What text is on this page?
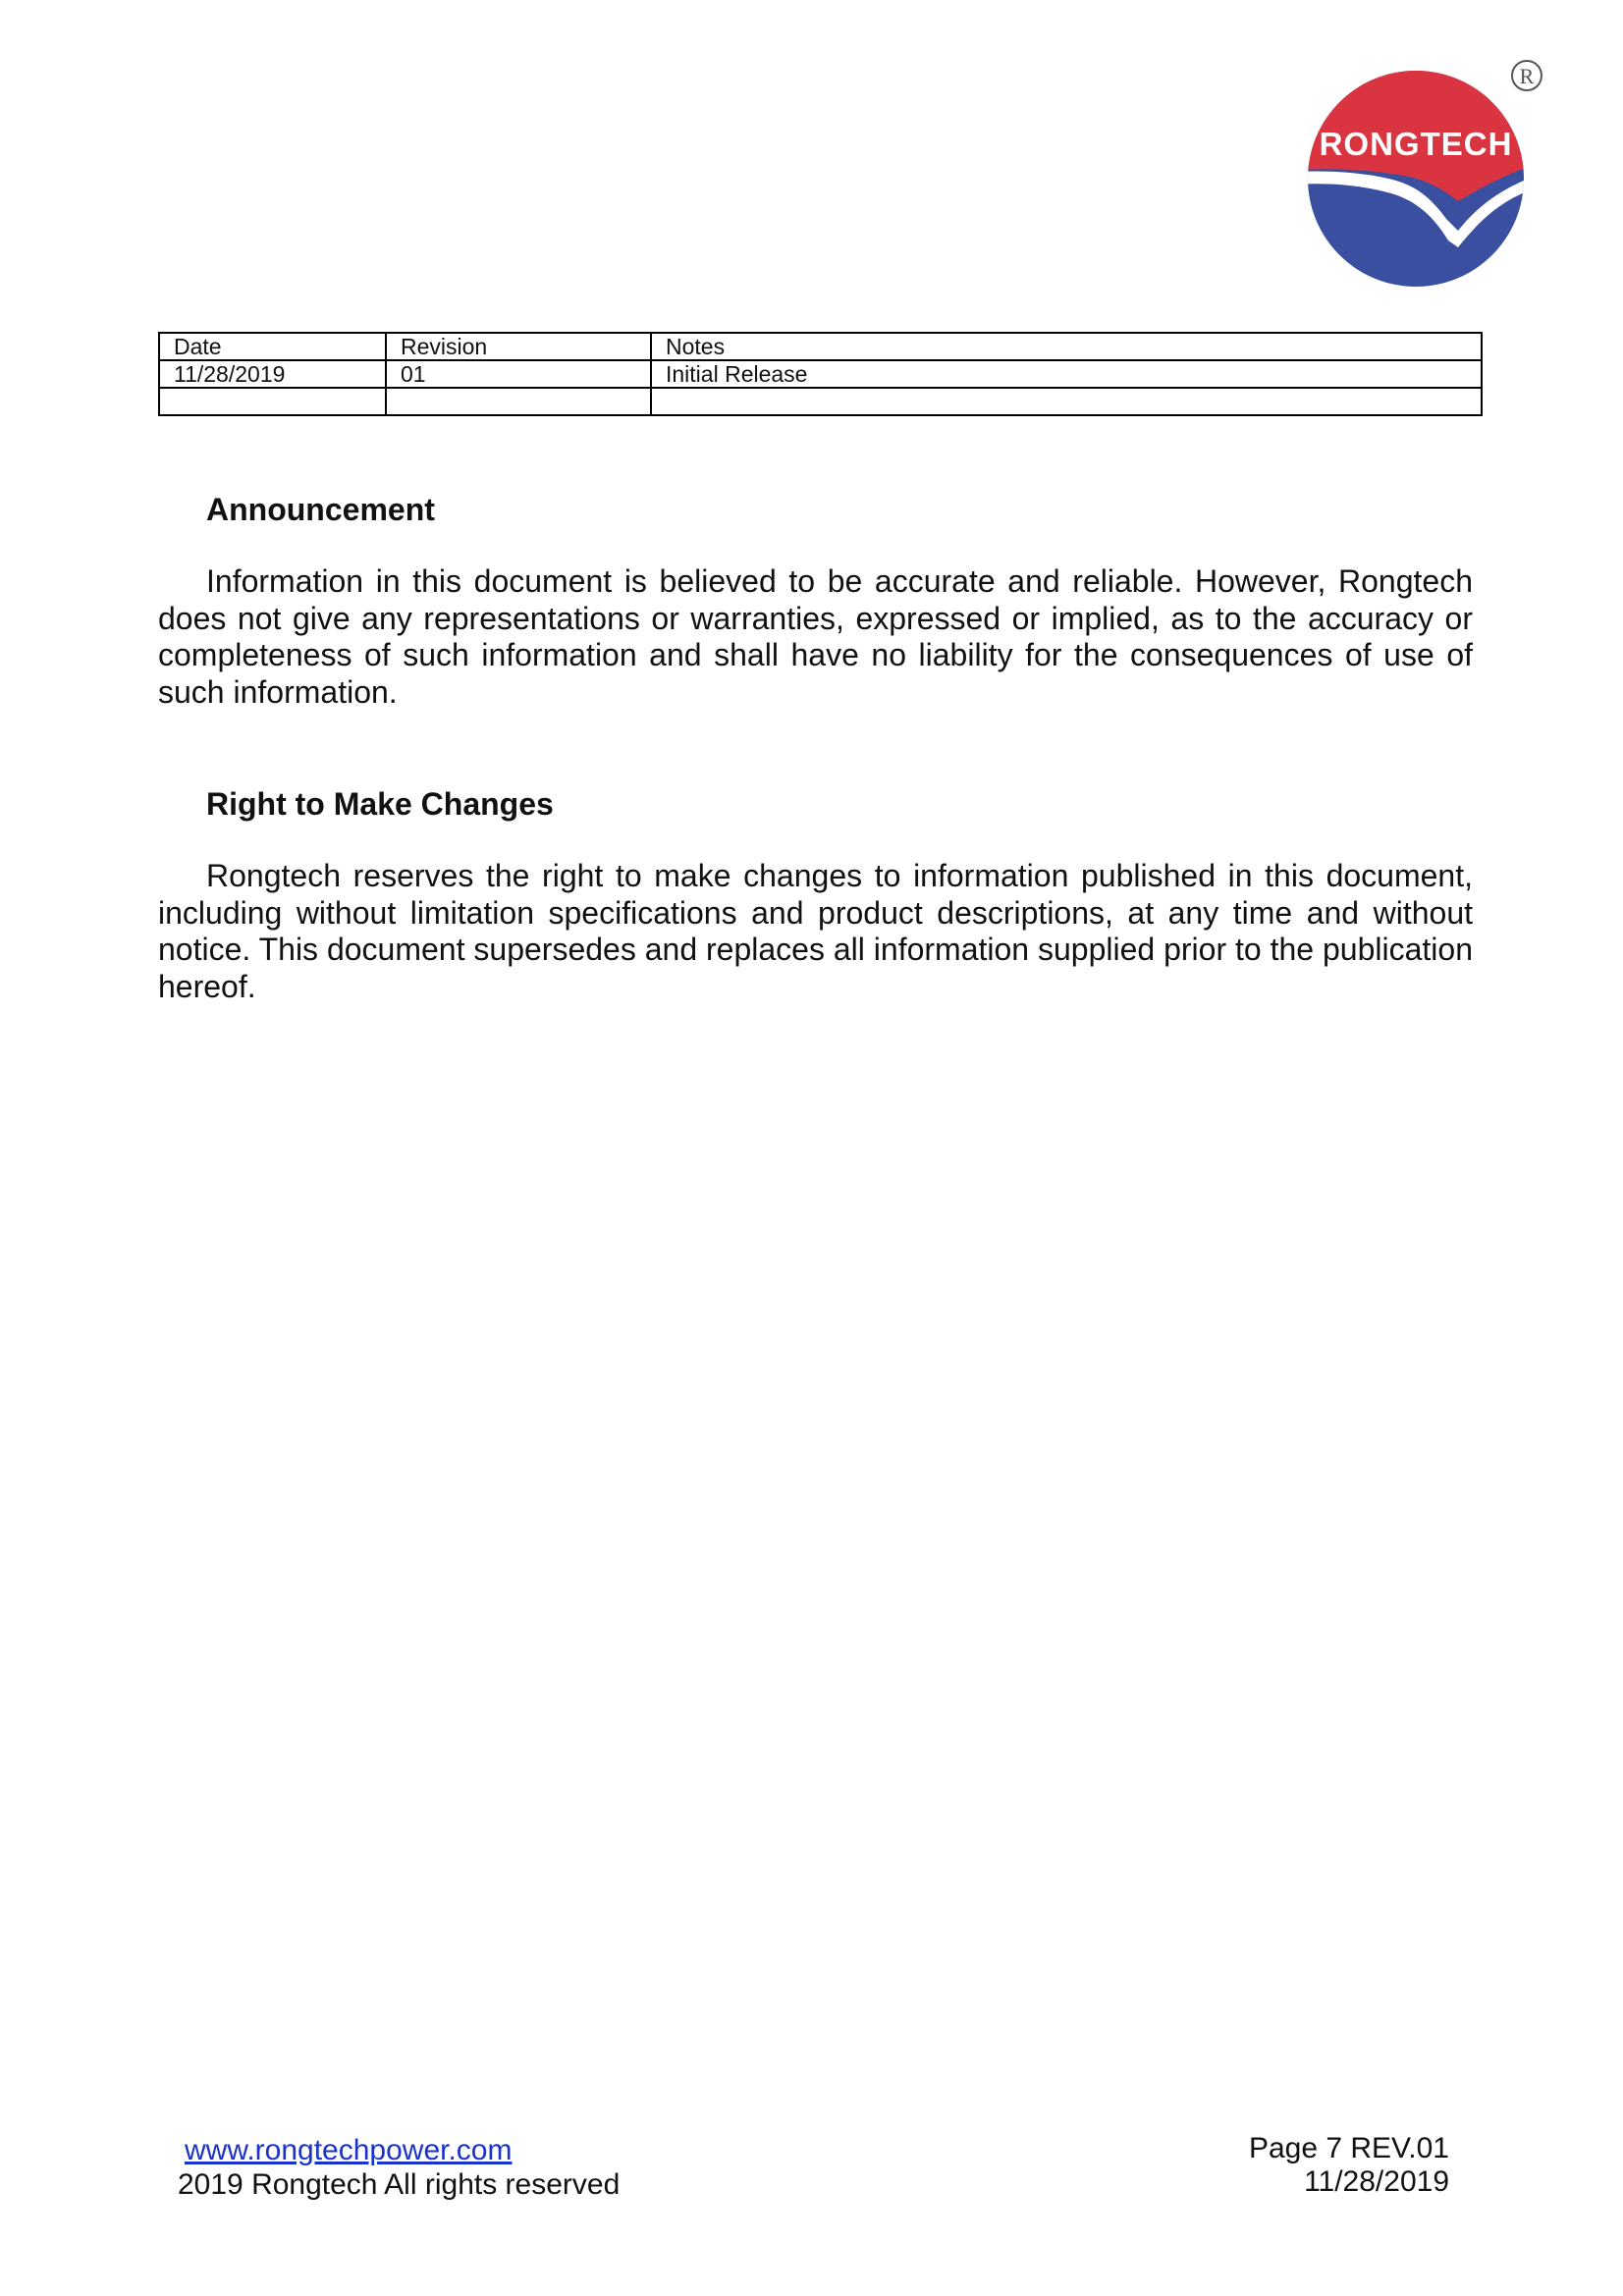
R
RONGTECH
Date	Revision	Notes
11/28/2019	01	Initial Release

Announcement

Information in this document is believed to be accurate and reliable. However, Rongtech does not give any representations or warranties, expressed or implied, as to the accuracy or completeness of such information and shall have no liability for the consequences of use of such information.

Right to Make Changes

Rongtech reserves the right to make changes to information published in this document, including without limitation specifications and product descriptions, at any time and without notice. This document supersedes and replaces all information supplied prior to the publication hereof.

www.rongtechpower.com
2019 Rongtech All rights reserved
Page 7 REV.01
11/28/2019
